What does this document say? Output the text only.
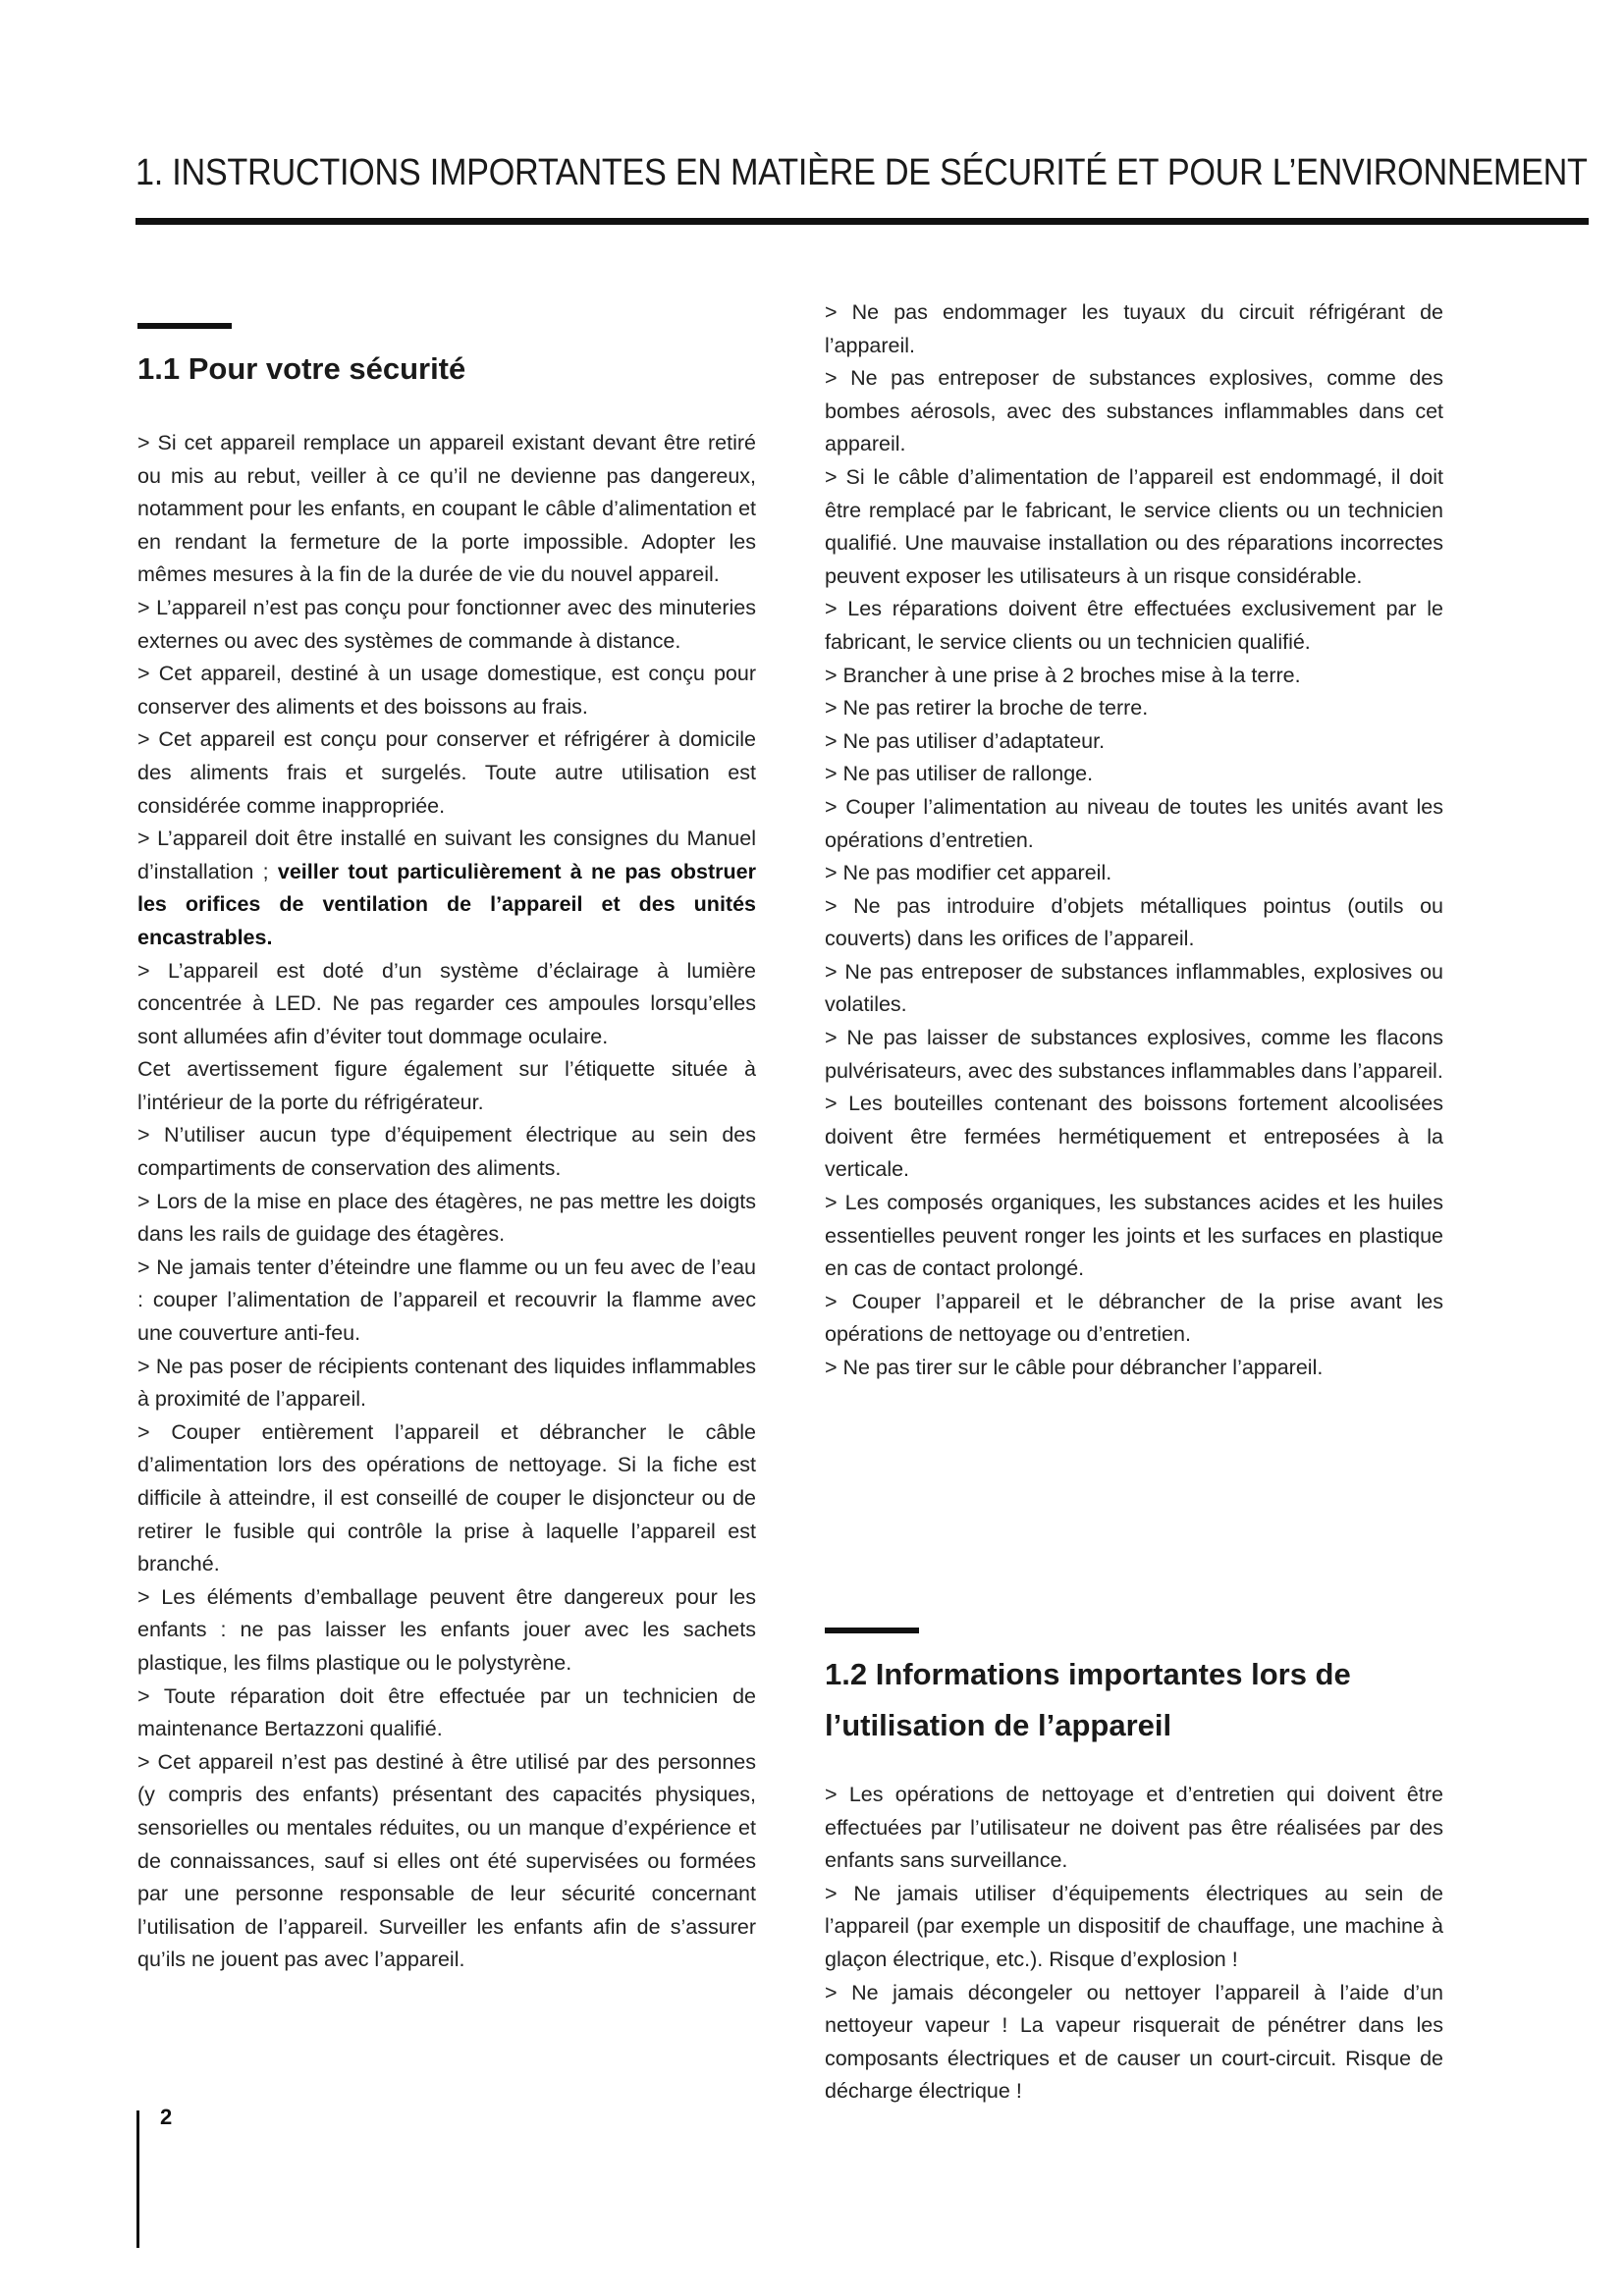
1. INSTRUCTIONS IMPORTANTES EN MATIÈRE DE SÉCURITÉ ET POUR L’ENVIRONNEMENT
1.1 Pour votre sécurité

> Si cet appareil remplace un appareil existant devant être retiré ou mis au rebut, veiller à ce qu’il ne devienne pas dangereux, notamment pour les enfants, en coupant le câble d’alimentation et en rendant la fermeture de la porte impossible. Adopter les mêmes mesures à la fin de la durée de vie du nouvel appareil.

> L’appareil n’est pas conçu pour fonctionner avec des minuteries externes ou avec des systèmes de commande à distance.

> Cet appareil, destiné à un usage domestique, est conçu pour conserver des aliments et des boissons au frais.

> Cet appareil est conçu pour conserver et réfrigérer à domicile des aliments frais et surgelés. Toute autre utilisation est considérée comme inappropriée.

> L’appareil doit être installé en suivant les consignes du Manuel d’installation ; veiller tout particulièrement à ne pas obstruer les orifices de ventilation de l’appareil et des unités encastrables.

> L’appareil est doté d’un système d’éclairage à lumière concentrée à LED. Ne pas regarder ces ampoules lorsqu’elles sont allumées afin d’éviter tout dommage oculaire.

Cet avertissement figure également sur l’étiquette située à l’intérieur de la porte du réfrigérateur.

> N’utiliser aucun type d’équipement électrique au sein des compartiments de conservation des aliments.

> Lors de la mise en place des étagères, ne pas mettre les doigts dans les rails de guidage des étagères.

> Ne jamais tenter d’éteindre une flamme ou un feu avec de l’eau : couper l’alimentation de l’appareil et recouvrir la flamme avec une couverture anti-feu.

> Ne pas poser de récipients contenant des liquides inflammables à proximité de l’appareil.

> Couper entièrement l’appareil et débrancher le câble d’alimentation lors des opérations de nettoyage. Si la fiche est difficile à atteindre, il est conseillé de couper le disjoncteur ou de retirer le fusible qui contrôle la prise à laquelle l’appareil est branché.

> Les éléments d’emballage peuvent être dangereux pour les enfants : ne pas laisser les enfants jouer avec les sachets plastique, les films plastique ou le polystyrène.

> Toute réparation doit être effectuée par un technicien de maintenance Bertazzoni qualifié.

> Cet appareil n’est pas destiné à être utilisé par des personnes (y compris des enfants) présentant des capacités physiques, sensorielles ou mentales réduites, ou un manque d’expérience et de connaissances, sauf si elles ont été supervisées ou formées par une personne responsable de leur sécurité concernant l’utilisation de l’appareil. Surveiller les enfants afin de s’assurer qu’ils ne jouent pas avec l’appareil.

> Ne pas endommager les tuyaux du circuit réfrigérant de l’appareil.

> Ne pas entreposer de substances explosives, comme des bombes aérosols, avec des substances inflammables dans cet appareil.

> Si le câble d’alimentation de l’appareil est endommagé, il doit être remplacé par le fabricant, le service clients ou un technicien qualifié. Une mauvaise installation ou des réparations incorrectes peuvent exposer les utilisateurs à un risque considérable.

> Les réparations doivent être effectuées exclusivement par le fabricant, le service clients ou un technicien qualifié.

> Brancher à une prise à 2 broches mise à la terre.

> Ne pas retirer la broche de terre.

> Ne pas utiliser d’adaptateur.

> Ne pas utiliser de rallonge.

> Couper l’alimentation au niveau de toutes les unités avant les opérations d’entretien.

> Ne pas modifier cet appareil.

> Ne pas introduire d’objets métalliques pointus (outils ou couverts) dans les orifices de l’appareil.

> Ne pas entreposer de substances inflammables, explosives ou volatiles.

> Ne pas laisser de substances explosives, comme les flacons pulvérisateurs, avec des substances inflammables dans l’appareil.

> Les bouteilles contenant des boissons fortement alcoolisées doivent être fermées hermétiquement et entreposées à la verticale.

> Les composés organiques, les substances acides et les huiles essentielles peuvent ronger les joints et les surfaces en plastique en cas de contact prolongé.

> Couper l’appareil et le débrancher de la prise avant les opérations de nettoyage ou d’entretien.

> Ne pas tirer sur le câble pour débrancher l’appareil.

1.2 Informations importantes lors de
l’utilisation de l’appareil

> Les opérations de nettoyage et d’entretien qui doivent être effectuées par l’utilisateur ne doivent pas être réalisées par des enfants sans surveillance.

> Ne jamais utiliser d’équipements électriques au sein de l’appareil (par exemple un dispositif de chauffage, une machine à glaçon électrique, etc.). Risque d’explosion !

> Ne jamais décongeler ou nettoyer l’appareil à l’aide d’un nettoyeur vapeur ! La vapeur risquerait de pénétrer dans les composants électriques et de causer un court-circuit. Risque de décharge électrique !

2
